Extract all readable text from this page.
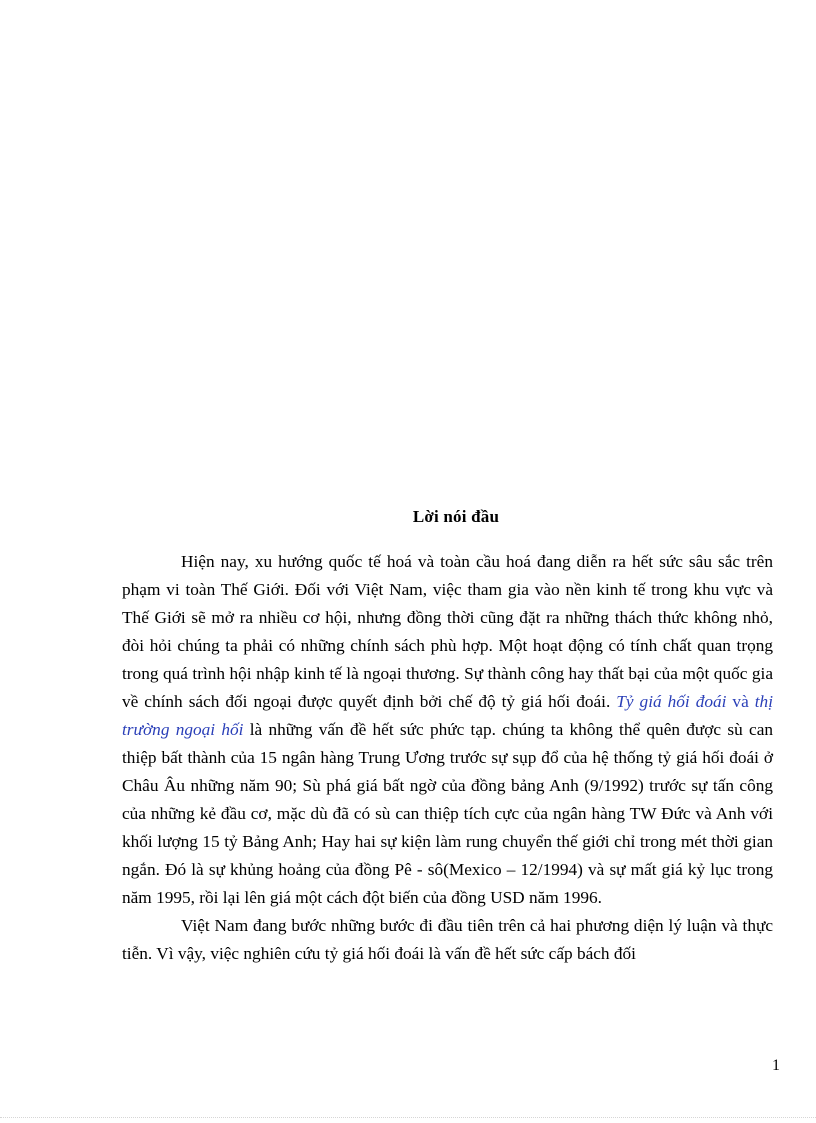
Lời nói đầu

Hiện nay, xu hướng quốc tế hoá và toàn cầu hoá đang diễn ra hết sức sâu sắc trên phạm vi toàn Thế Giới. Đối với Việt Nam, việc tham gia vào nền kinh tế trong khu vực và Thế Giới sẽ mở ra nhiều cơ hội, nhưng đồng thời cũng đặt ra những thách thức không nhỏ, đòi hỏi chúng ta phải có những chính sách phù hợp. Một hoạt động có tính chất quan trọng trong quá trình hội nhập kinh tế là ngoại thương. Sự thành công hay thất bại của một quốc gia về chính sách đối ngoại được quyết định bởi chế độ tỷ giá hối đoái. Tỷ giá hối đoái và thị trường ngoại hối là những vấn đề hết sức phức tạp. chúng ta không thể quên được sù can thiệp bất thành của 15 ngân hàng Trung Ương trước sự sụp đổ của hệ thống tỷ giá hối đoái ở Châu Âu những năm 90; Sù phá giá bất ngờ của đồng bảng Anh (9/1992) trước sự tấn công của những kẻ đầu cơ, mặc dù đã có sù can thiệp tích cực của ngân hàng TW Đức và Anh với khối lượng 15 tỷ Bảng Anh; Hay hai sự kiện làm rung chuyển thế giới chỉ trong mét thời gian ngắn. Đó là sự khủng hoảng của đồng Pê - sô(Mexico – 12/1994) và sự mất giá kỷ lục trong năm 1995, rồi lại lên giá một cách đột biến của đồng USD năm 1996.

Việt Nam đang bước những bước đi đầu tiên trên cả hai phương diện lý luận và thực tiễn. Vì vậy, việc nghiên cứu tỷ giá hối đoái là vấn đề hết sức cấp bách đối

1
